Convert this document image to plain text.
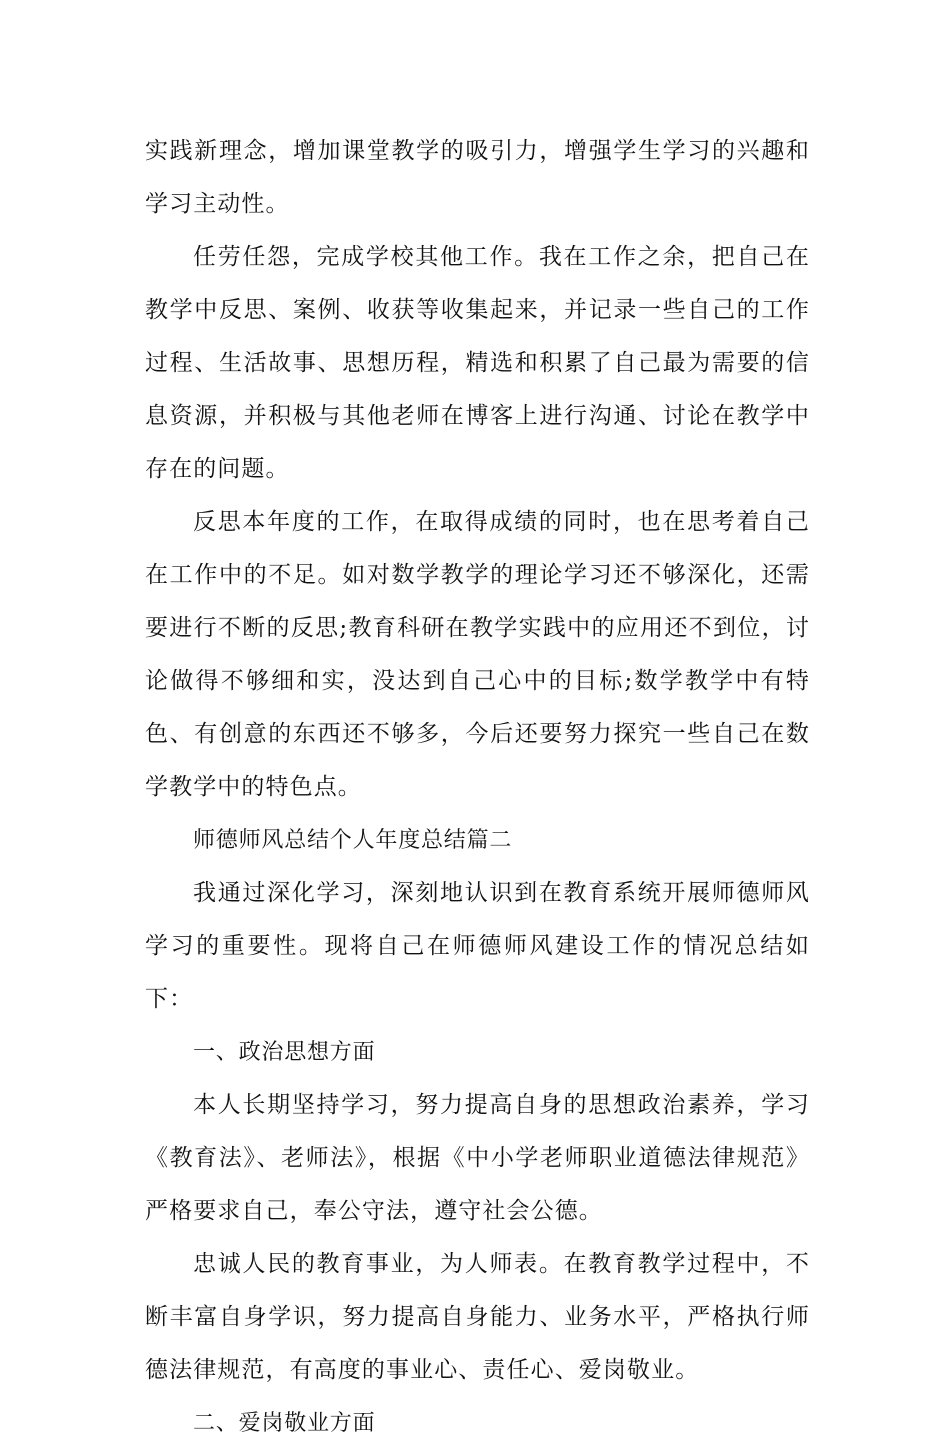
实践新理念，增加课堂教学的吸引力，增强学生学习的兴趣和学习主动性。

任劳任怨，完成学校其他工作。我在工作之余，把自己在教学中反思、案例、收获等收集起来，并记录一些自己的工作过程、生活故事、思想历程，精选和积累了自己最为需要的信息资源，并积极与其他老师在博客上进行沟通、讨论在教学中存在的问题。

反思本年度的工作，在取得成绩的同时，也在思考着自己在工作中的不足。如对数学教学的理论学习还不够深化，还需要进行不断的反思;教育科研在教学实践中的应用还不到位，讨论做得不够细和实，没达到自己心中的目标;数学教学中有特色、有创意的东西还不够多，今后还要努力探究一些自己在数学教学中的特色点。

师德师风总结个人年度总结篇二

我通过深化学习，深刻地认识到在教育系统开展师德师风学习的重要性。现将自己在师德师风建设工作的情况总结如下：

一、政治思想方面

本人长期坚持学习，努力提高自身的思想政治素养，学习《教育法》、老师法》，根据《中小学老师职业道德法律规范》严格要求自己，奉公守法，遵守社会公德。

忠诚人民的教育事业，为人师表。在教育教学过程中，不断丰富自身学识，努力提高自身能力、业务水平，严格执行师德法律规范，有高度的事业心、责任心、爱岗敬业。

二、爱岗敬业方面
